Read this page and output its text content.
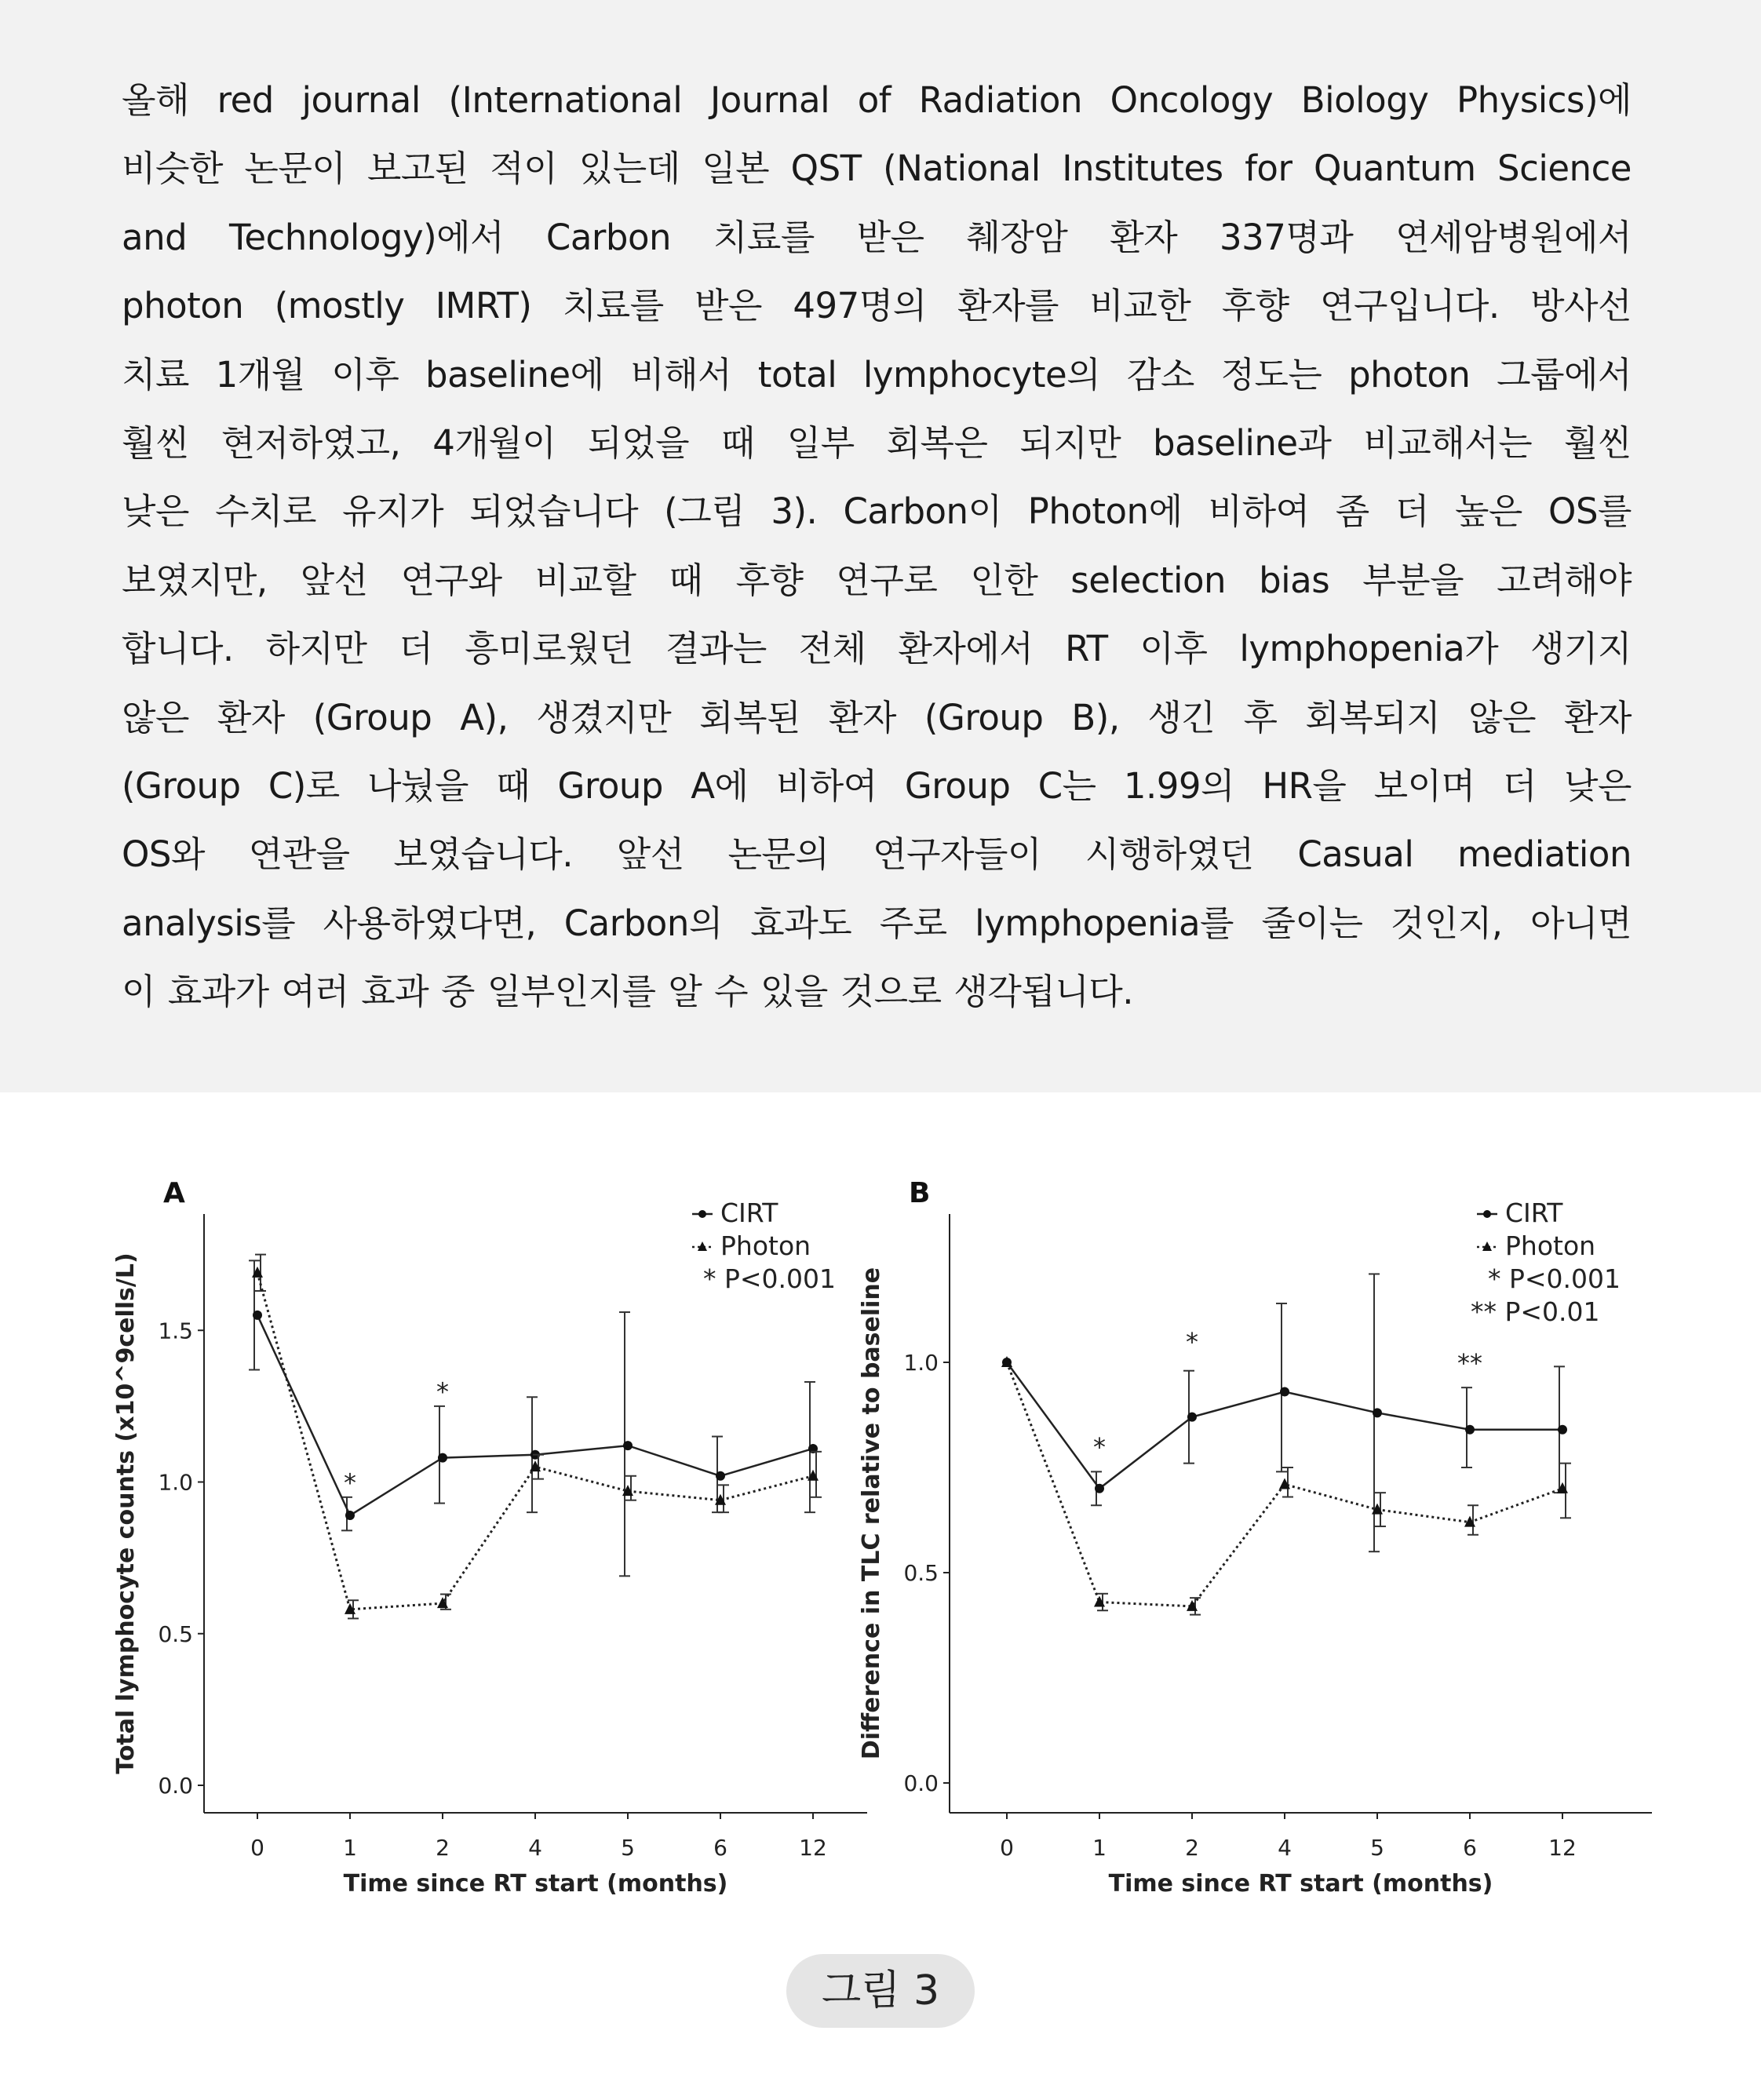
올해 red journal (International Journal of Radiation Oncology Biology Physics)에
비슷한 논문이 보고된 적이 있는데 일본 QST (National Institutes for Quantum Science
and Technology)에서 Carbon 치료를 받은 췌장암 환자 337명과 연세암병원에서
photon (mostly IMRT) 치료를 받은 497명의 환자를 비교한 후향 연구입니다. 방사선
치료 1개월 이후 baseline에 비해서 total lymphocyte의 감소 정도는 photon 그룹에서
훨씬 현저하였고, 4개월이 되었을 때 일부 회복은 되지만 baseline과 비교해서는 훨씬
낮은 수치로 유지가 되었습니다 (그림 3). Carbon이 Photon에 비하여 좀 더 높은 OS를
보였지만, 앞선 연구와 비교할 때 후향 연구로 인한 selection bias 부분을 고려해야
합니다. 하지만 더 흥미로웠던 결과는 전체 환자에서 RT 이후 lymphopenia가 생기지
않은 환자 (Group A), 생겼지만 회복된 환자 (Group B), 생긴 후 회복되지 않은 환자
(Group C)로 나눴을 때 Group A에 비하여 Group C는 1.99의 HR을 보이며 더 낮은
OS와 연관을 보였습니다. 앞선 논문의 연구자들이 시행하였던 Casual mediation
analysis를 사용하였다면, Carbon의 효과도 주로 lymphopenia를 줄이는 것인지, 아니면
이 효과가 여러 효과 중 일부인지를 알 수 있을 것으로 생각됩니다.

A
0.0
0.5
1.0
1.5
0	1	2	4	5	6	12
Time since RT start (months)
Total lymphocyte counts (x10^9cells/L)	*
*
CIRT
Photon
* P<0.001
B
0.0
0.5
1.0
0	1	2	4	5	6	12
Time since RT start (months)
Difference in TLC relative to baseline	*
*
**
CIRT
Photon
* P<0.001
** P<0.01
그림 3
